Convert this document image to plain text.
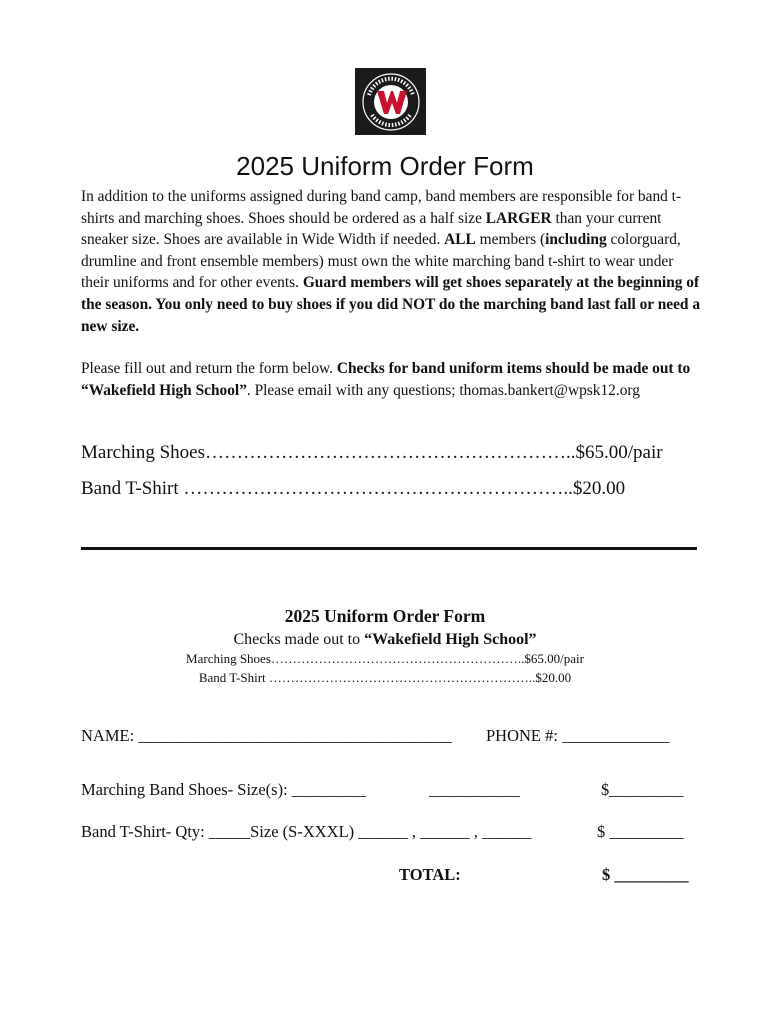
2025 Uniform Order Form

In addition to the uniforms assigned during band camp, band members are responsible for band t-shirts and marching shoes. Shoes should be ordered as a half size LARGER than your current sneaker size. Shoes are available in Wide Width if needed. ALL members (including colorguard, drumline and front ensemble members) must own the white marching band t-shirt to wear under their uniforms and for other events. Guard members will get shoes separately at the beginning of the season. You only need to buy shoes if you did NOT do the marching band last fall or need a new size.

Please fill out and return the form below. Checks for band uniform items should be made out to “Wakefield High School”. Please email with any questions; thomas.bankert@wpsk12.org

Marching Shoes…………………………………………………..$65.00/pair
Band T-Shirt ……………………………………………………..$20.00
2025 Uniform Order Form
Checks made out to “Wakefield High School”
Marching Shoes…………………………………………………..$65.00/pair
Band T-Shirt ……………………………………………………..$20.00
NAME: ______________________________________ PHONE #: _____________
Marching Band Shoes- Size(s): _________	___________	$_________
Band T-Shirt- Qty: _____Size (S-XXXL) ______ , ______ , ______	$ _________
TOTAL:	$ _________
